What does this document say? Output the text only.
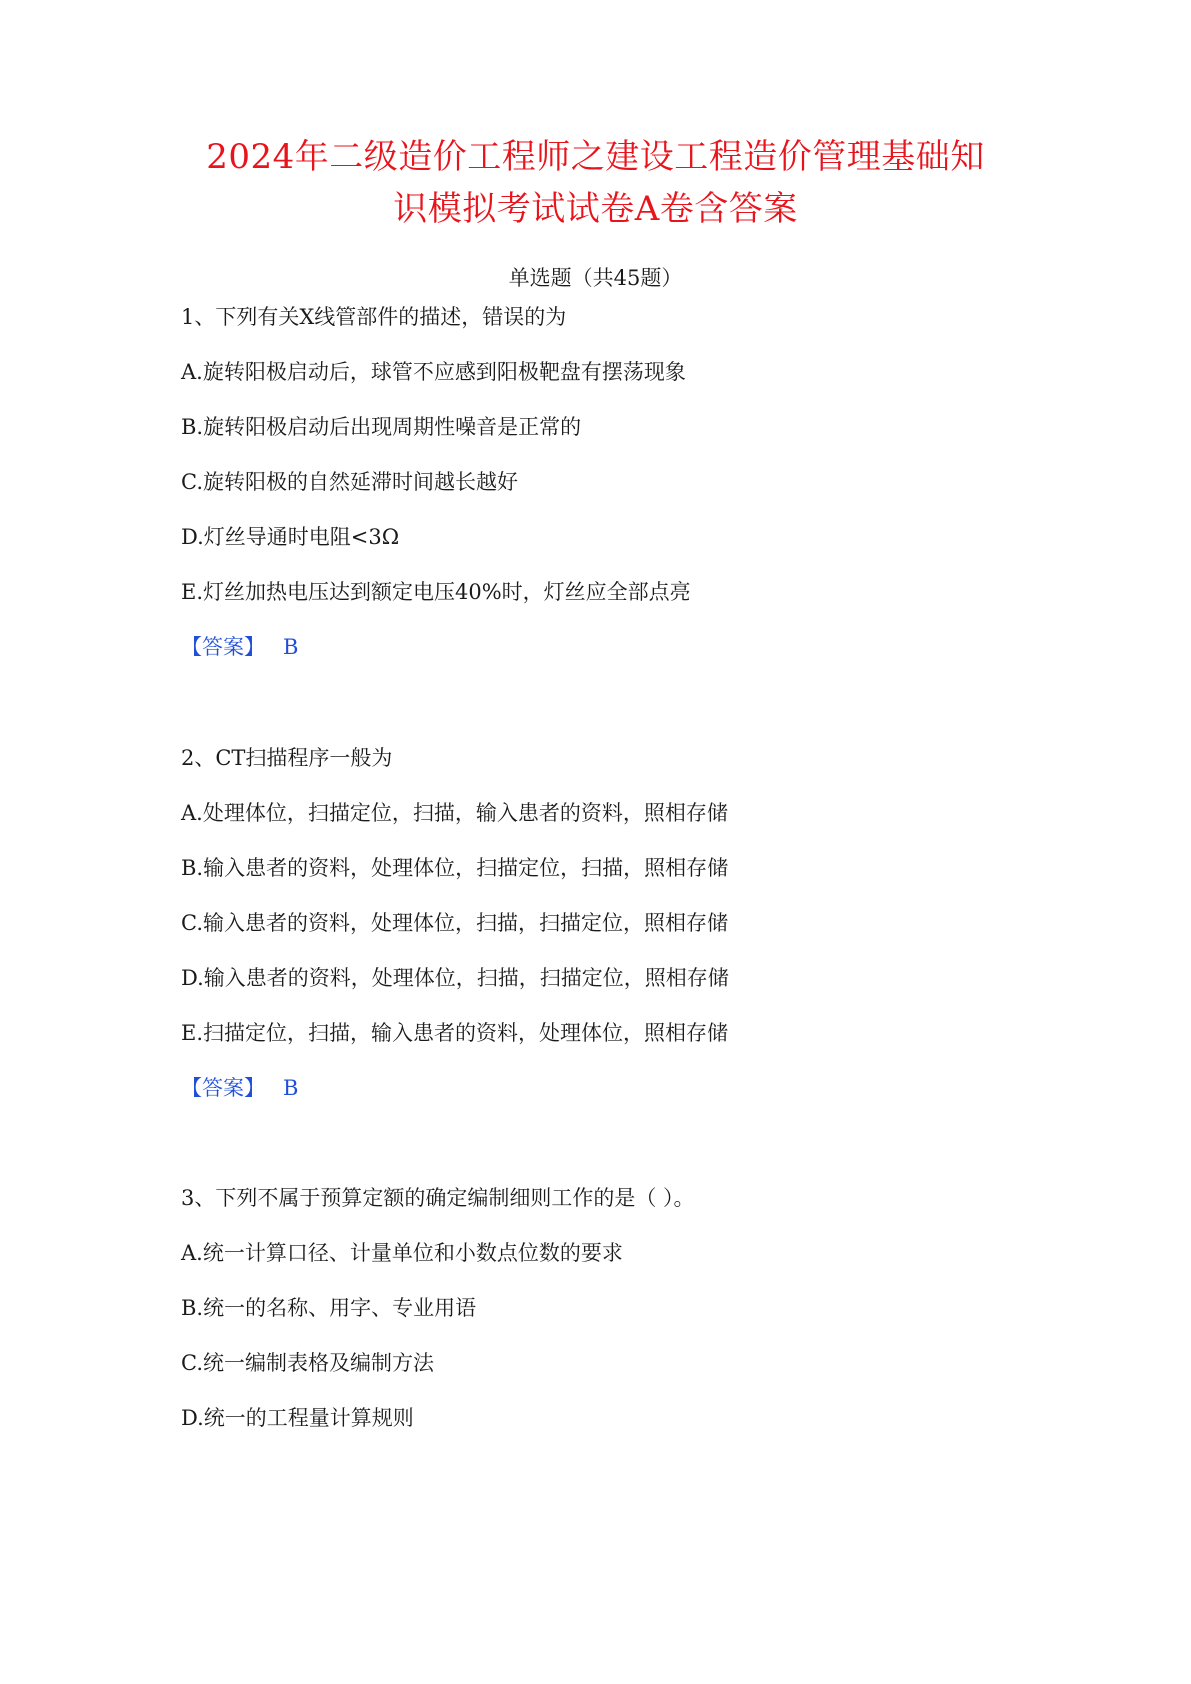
2024年二级造价工程师之建设工程造价管理基础知
识模拟考试试卷A卷含答案
单选题（共45题）
1、下列有关X线管部件的描述，错误的为
A.旋转阳极启动后，球管不应感到阳极靶盘有摆荡现象
B.旋转阳极启动后出现周期性噪音是正常的
C.旋转阳极的自然延滞时间越长越好
D.灯丝导通时电阻<3Ω
E.灯丝加热电压达到额定电压40%时，灯丝应全部点亮
【答案】 B
2、CT扫描程序一般为
A.处理体位，扫描定位，扫描，输入患者的资料，照相存储
B.输入患者的资料，处理体位，扫描定位，扫描，照相存储
C.输入患者的资料，处理体位，扫描，扫描定位，照相存储
D.输入患者的资料，处理体位，扫描，扫描定位，照相存储
E.扫描定位，扫描，输入患者的资料，处理体位，照相存储
【答案】 B
3、下列不属于预算定额的确定编制细则工作的是（ ）。
A.统一计算口径、计量单位和小数点位数的要求
B.统一的名称、用字、专业用语
C.统一编制表格及编制方法
D.统一的工程量计算规则
